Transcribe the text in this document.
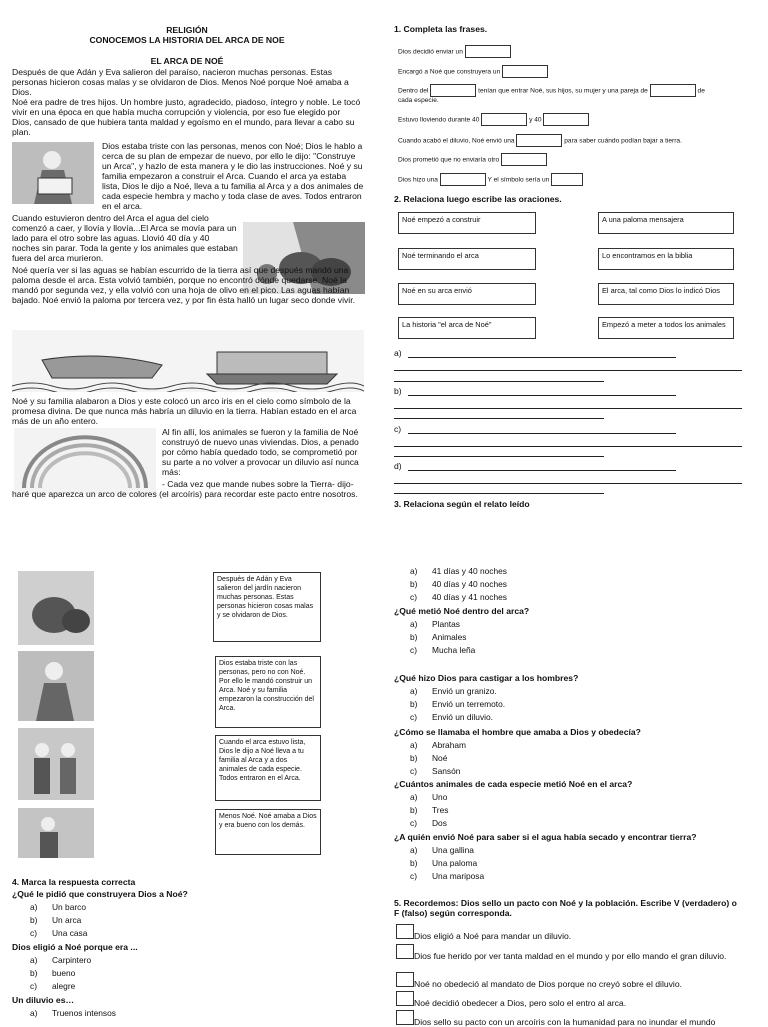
RELIGIÓN
CONOCEMOS LA HISTORIA DEL ARCA DE NOE
EL ARCA DE NOÉ
Después de que Adán y Eva salieron del paraíso, nacieron muchas personas. Estas personas hicieron cosas malas y se olvidaron de Dios. Menos Noé porque Noé amaba a Dios.
Noé era padre de tres hijos. Un hombre justo, agradecido, piadoso, íntegro y noble. Le tocó vivir en una época en que había mucha corrupción y violencia, por eso fue elegido por Dios, cansado de que hubiera tanta maldad y egoísmo en el mundo, para llevar a cabo su plan.
Dios estaba triste con las personas, menos con Noé; Dios le hablo a cerca de su plan de empezar de nuevo, por ello le dijo: "Construye un Arca", y hazlo de esta manera y le dio las instrucciones. Noé y su familia empezaron a construir el Arca. Cuando el arca ya estaba lista, Dios le dijo a Noé, lleva a tu familia al Arca y a dos animales de cada especie hembra y macho y toda clase de aves. Todos entraron en el arca.
Cuando estuvieron dentro del Arca el agua del cielo comenzó a caer, y llovía y llovía...El Arca se movía para un lado para el otro sobre las aguas. Llovió 40 día y 40 noches sin parar. Toda la gente y los animales que estaban fuera del arca murieron.
Noé quería ver si las aguas se habían escurrido de la tierra así que después mandó una paloma desde el arca. Esta volvió también, porque no encontró dónde quedarse. Noé la mandó por segunda vez, y ella volvió con una hoja de olivo en el pico. Las aguas habían bajado. Noé envió la paloma por tercera vez, y por fin ésta halló un lugar seco donde vivir.
Noé y su familia alabaron a Dios y este colocó un arco iris en el cielo como símbolo de la promesa divina. De que nunca más habría un diluvio en la tierra. Habían estado en el arca más de un año entero.
Al fin allí, los animales se fueron y la familia de Noé construyó de nuevo unas viviendas. Dios, a penado por cómo había quedado todo, se comprometió por su parte a no volver a provocar un diluvio así nunca más:
- Cada vez que mande nubes sobre la Tierra- dijo- haré que aparezca un arco de colores (el arcoíris) para recordar este pacto entre nosotros.
1. Completa las frases.
Dios decidió enviar un
Encargó a Noé que construyera un
Dentro del	tenían que entrar Noé, sus hijos, su mujer y una pareja de	de
cada especie.
Estuvo lloviendo durante 40	y 40
Cuando acabó el diluvio, Noé envió una	para saber cuándo podían bajar a tierra.
Dios prometió que no enviaría otro
Dios hizo una	Y el símbolo sería un
2. Relaciona luego escribe las oraciones.
Noé empezó a construir
Noé terminando el arca
Noé en su arca envió
La historia "el arca de Noé"
A una paloma mensajera
Lo encontramos en la biblia
El arca, tal como Dios lo indicó Dios
Empezó a meter a todos los animales
a)
b)
c)
d)
3. Relaciona según el relato leído
Después de Adán y Eva salieron del jardín nacieron muchas personas. Estas personas hicieron cosas malas y se olvidaron de Dios.
Dios estaba triste con las personas, pero no con Noé. Por ello le mandó construir un Arca. Noé y su familia empezaron la construcción del Arca.
Cuando el arca estuvo lista, Dios le dijo a Noé lleva a tu familia al Arca y a dos animales de cada especie. Todos entraron en el Arca.
Menos Noé. Noé amaba a Dios y era bueno con los demás.
4. Marca la respuesta correcta
¿Qué le pidió que construyera Dios a Noé?
a) Un barco
b) Un arca
c) Una casa
Dios eligió a Noé porque era ...
a) Carpintero
b) bueno
c) alegre
Un diluvio es…
a) Truenos intensos
a) 41 días y 40 noches
b) 40 días y 40 noches
c) 40 días y 41 noches
¿Qué metió Noé dentro del arca?
a) Plantas
b) Animales
c) Mucha leña
¿Qué hizo Dios para castigar a los hombres?
a) Envió un granizo.
b) Envió un terremoto.
c) Envió un diluvio.
¿Cómo se llamaba el hombre que amaba a Dios y obedecía?
a) Abraham
b) Noé
c) Sansón
¿Cuántos animales de cada especie metió Noé en el arca?
a) Uno
b) Tres
c) Dos
¿A quién envió Noé para saber si el agua había secado y encontrar tierra?
a) Una gallina
b) Una paloma
c) Una mariposa
5. Recordemos: Dios sello un pacto con Noé y la población. Escribe V (verdadero) o F (falso) según corresponda.
Dios eligió a Noé para mandar un diluvio.
Dios fue herido por ver tanta maldad en el mundo y por ello mando el gran diluvio.
Noé no obedeció al mandato de Dios porque no creyó sobre el diluvio.
Noé decidió obedecer a Dios, pero solo el entro al arca.
Dios sello su pacto con un arcoíris con la humanidad para no inundar el mundo
